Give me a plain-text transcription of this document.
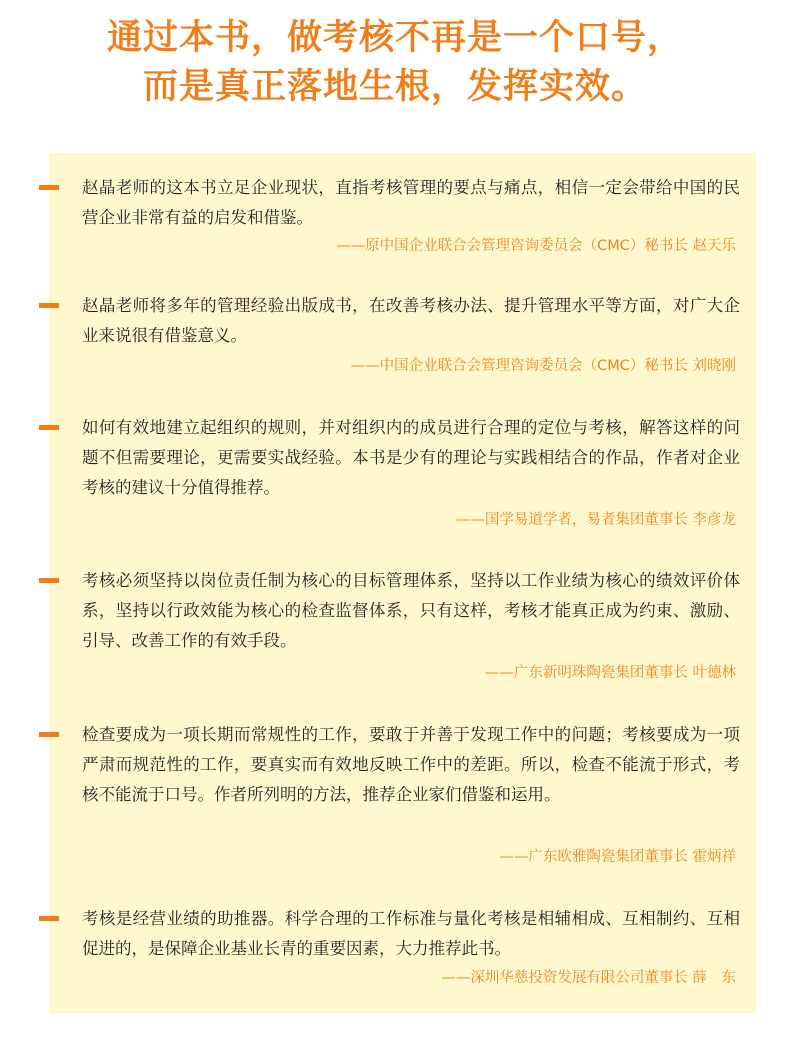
通过本书，做考核不再是一个口号，
而是真正落地生根，发挥实效。
赵晶老师的这本书立足企业现状，直指考核管理的要点与痛点，相信一定会带给中国的民营企业非常有益的启发和借鉴。
——原中国企业联合会管理咨询委员会（CMC）秘书长 赵天乐
赵晶老师将多年的管理经验出版成书，在改善考核办法、提升管理水平等方面，对广大企业来说很有借鉴意义。
——中国企业联合会管理咨询委员会（CMC）秘书长 刘晓刚
如何有效地建立起组织的规则，并对组织内的成员进行合理的定位与考核，解答这样的问题不但需要理论，更需要实战经验。本书是少有的理论与实践相结合的作品，作者对企业考核的建议十分值得推荐。
——国学易道学者，易者集团董事长 李彦龙
考核必须坚持以岗位责任制为核心的目标管理体系，坚持以工作业绩为核心的绩效评价体系，坚持以行政效能为核心的检查监督体系，只有这样，考核才能真正成为约束、激励、引导、改善工作的有效手段。
——广东新明珠陶瓷集团董事长 叶德林
检查要成为一项长期而常规性的工作，要敢于并善于发现工作中的问题；考核要成为一项严肃而规范性的工作，要真实而有效地反映工作中的差距。所以，检查不能流于形式，考核不能流于口号。作者所列明的方法，推荐企业家们借鉴和运用。
——广东欧雅陶瓷集团董事长 霍炳祥
考核是经营业绩的助推器。科学合理的工作标准与量化考核是相辅相成、互相制约、互相促进的，是保障企业基业长青的重要因素，大力推荐此书。
——深圳华慈投资发展有限公司董事长 薛　东
